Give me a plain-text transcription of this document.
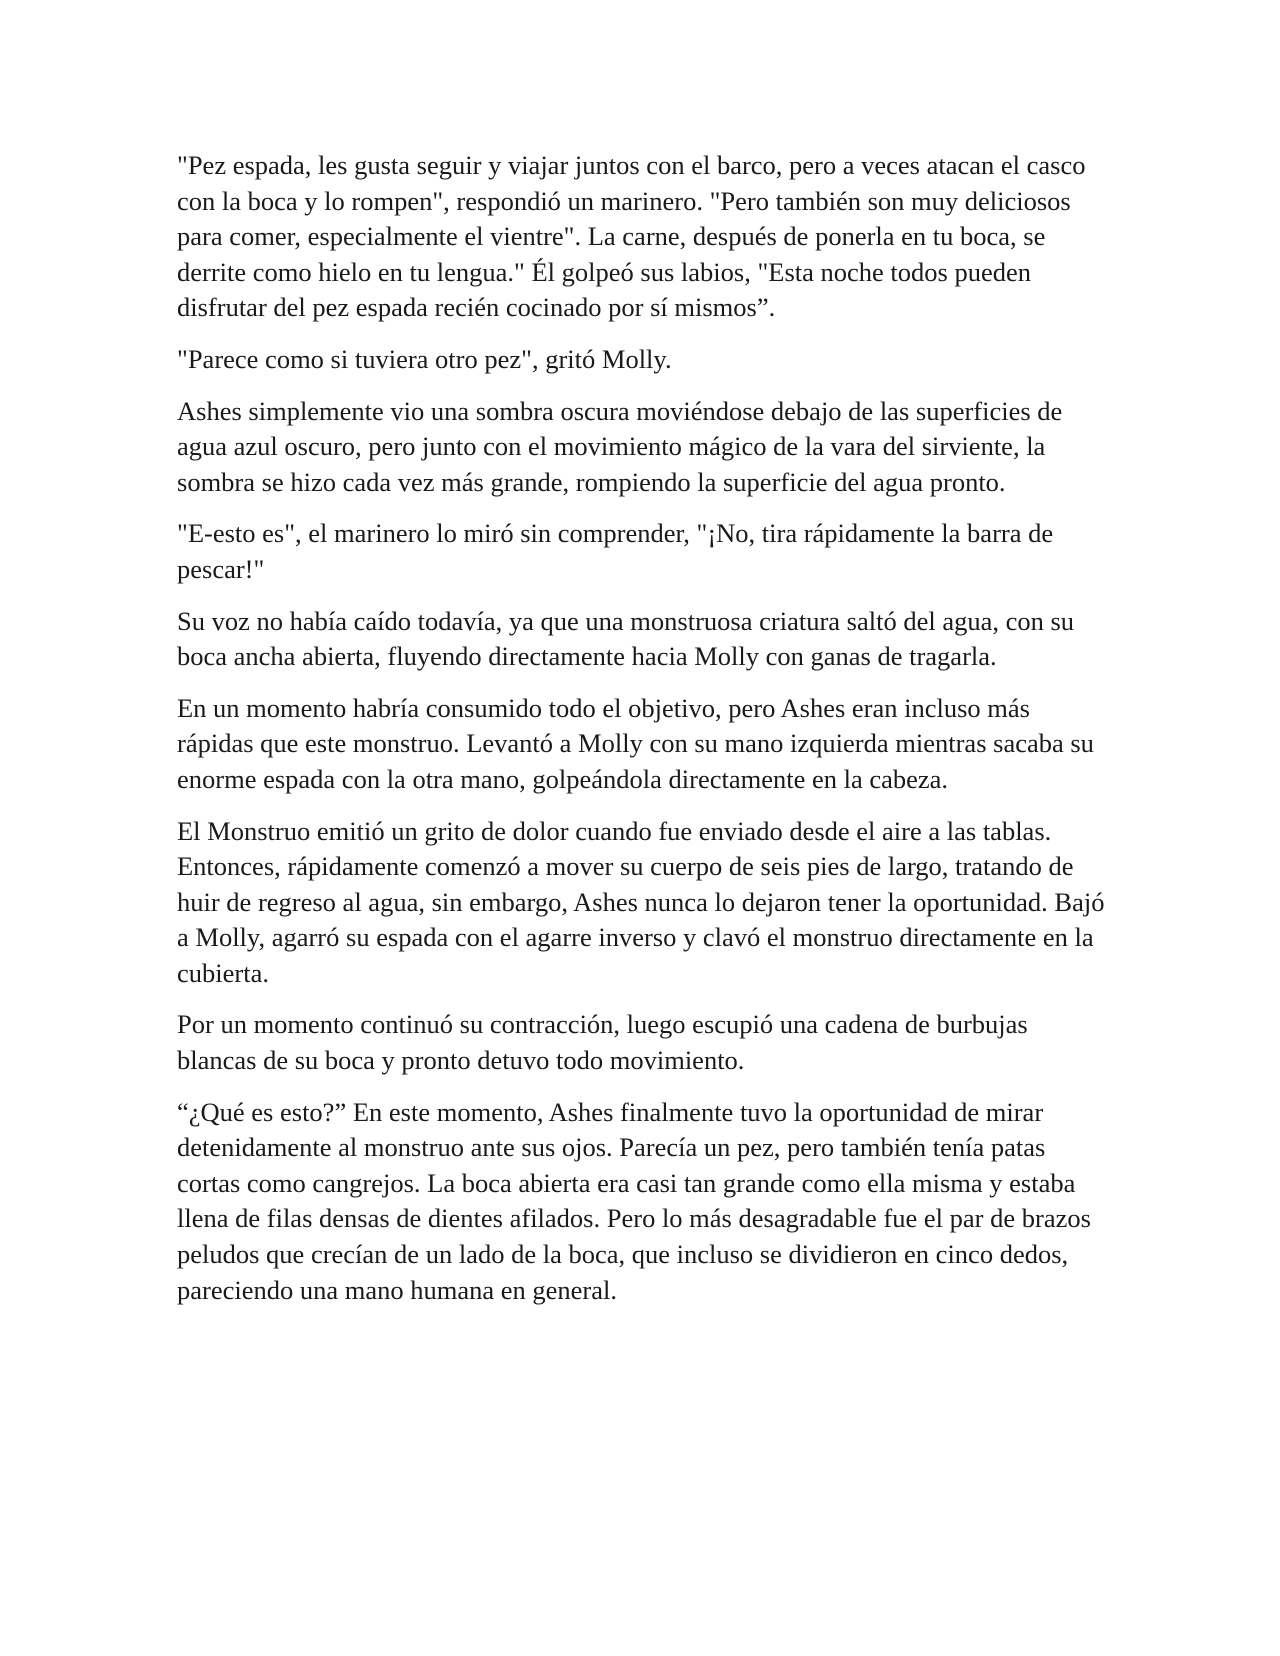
"Pez espada, les gusta seguir y viajar juntos con el barco, pero a veces atacan el casco con la boca y lo rompen", respondió un marinero. "Pero también son muy deliciosos para comer, especialmente el vientre". La carne, después de ponerla en tu boca, se derrite como hielo en tu lengua." Él golpeó sus labios, "Esta noche todos pueden disfrutar del pez espada recién cocinado por sí mismos”.

"Parece como si tuviera otro pez", gritó Molly.

Ashes simplemente vio una sombra oscura moviéndose debajo de las superficies de agua azul oscuro, pero junto con el movimiento mágico de la vara del sirviente, la sombra se hizo cada vez más grande, rompiendo la superficie del agua pronto.

"E-esto es", el marinero lo miró sin comprender, "¡No, tira rápidamente la barra de pescar!"

Su voz no había caído todavía, ya que una monstruosa criatura saltó del agua, con su boca ancha abierta, fluyendo directamente hacia Molly con ganas de tragarla.

En un momento habría consumido todo el objetivo, pero Ashes eran incluso más rápidas que este monstruo. Levantó a Molly con su mano izquierda mientras sacaba su enorme espada con la otra mano, golpeándola directamente en la cabeza.

El Monstruo emitió un grito de dolor cuando fue enviado desde el aire a las tablas. Entonces, rápidamente comenzó a mover su cuerpo de seis pies de largo, tratando de huir de regreso al agua, sin embargo, Ashes nunca lo dejaron tener la oportunidad. Bajó a Molly, agarró su espada con el agarre inverso y clavó el monstruo directamente en la cubierta.

Por un momento continuó su contracción, luego escupió una cadena de burbujas blancas de su boca y pronto detuvo todo movimiento.

“¿Qué es esto?” En este momento, Ashes finalmente tuvo la oportunidad de mirar detenidamente al monstruo ante sus ojos. Parecía un pez, pero también tenía patas cortas como cangrejos. La boca abierta era casi tan grande como ella misma y estaba llena de filas densas de dientes afilados. Pero lo más desagradable fue el par de brazos peludos que crecían de un lado de la boca, que incluso se dividieron en cinco dedos, pareciendo una mano humana en general.
